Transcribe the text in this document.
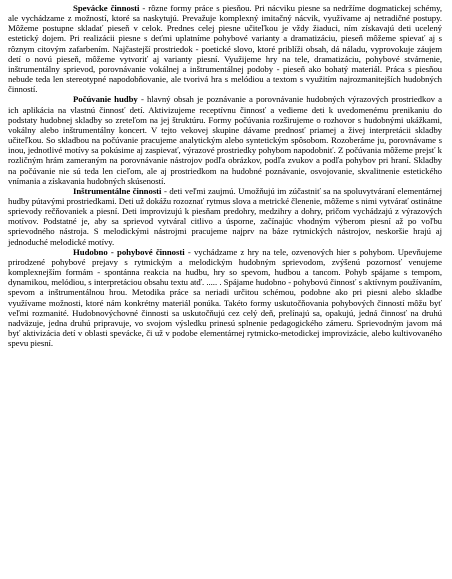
Spevácke činnosti - rôzne formy práce s piesňou. Pri nácviku piesne sa nedržíme dogmatickej schémy, ale vychádzame z možností, ktoré sa naskytujú. Prevažuje komplexný imitačný nácvik, využívame aj netradičné postupy. Môžeme postupne skladať pieseň v celok. Prednes celej piesne učiteľkou je vždy žiaduci, ním získavajú deti ucelený estetický dojem. Pri realizácii piesne s deťmi uplatníme pohybové varianty a dramatizáciu, pieseň môžeme spievať aj s rôznym citovým zafarbením. Najčastejší prostriedok - poetické slovo, ktoré priblíži obsah, dá náladu, vyprovokuje záujem detí o novú pieseň, môžeme vytvoriť aj varianty piesní. Využijeme hry na tele, dramatizáciu, pohybové stvárnenie, inštrumentálny sprievod, porovnávanie vokálnej a inštrumentálnej podoby - pieseň ako bohatý materiál. Práca s piesňou nebude teda len stereotypné napodobňovanie, ale tvorivá hra s melódiou a textom s využitím najrozmanitejších hudobných činností.

Počúvanie hudby - hlavný obsah je poznávanie a porovnávanie hudobných výrazových prostriedkov a ich aplikácia na vlastnú činnosť detí. Aktivizujeme receptívnu činnosť a vedieme deti k uvedomenému prenikaniu do podstaty hudobnej skladby so zreteľom na jej štruktúru. Formy počúvania rozširujeme o rozhovor s hudobnými ukážkami, vokálny alebo inštrumentálny koncert. V tejto vekovej skupine dávame prednosť priamej a živej interpretácii skladby učiteľkou. So skladbou na počúvanie pracujeme analytickým alebo syntetickým spôsobom. Rozoberáme ju, porovnávame s inou, jednotlivé motívy sa pokúsime aj zaspievať, výrazové prostriedky pohybom napodobniť. Z počúvania môžeme prejsť k rozličným hrám zameraným na porovnávanie nástrojov podľa obrázkov, podľa zvukov a podľa pohybov pri hraní. Skladby na počúvanie nie sú teda len cieľom, ale aj prostriedkom na hudobné poznávanie, osvojovanie, skvalitnenie estetického vnímania a získavania hudobných skúseností.

Inštrumentálne činnosti - deti veľmi zaujmú. Umožňujú im zúčastniť sa na spoluvytváraní elementárnej hudby pútavými prostriedkami. Deti už dokážu rozoznať rytmus slova a metrické členenie, môžeme s nimi vytvárať ostinátne sprievody rečňovaniek a piesní. Deti improvizujú k piesňam predohry, medzihry a dohry, pričom vychádzajú z výrazových motívov. Podstatné je, aby sa sprievod vytváral citlivo a úsporne, začínajúc vhodným výberom piesní až po voľbu sprievodného nástroja. S melodickými nástrojmi pracujeme najprv na báze rytmických nástrojov, neskoršie hrajú aj jednoduché melodické motívy.

Hudobno - pohybové činnosti - vychádzame z hry na tele, ozvenových hier s pohybom. Upevňujeme prirodzené pohybové prejavy s rytmickým a melodickým hudobným sprievodom, zvýšenú pozornosť venujeme komplexnejším formám - spontánna reakcia na hudbu, hry so spevom, hudbou a tancom. Pohyb spájame s tempom, dynamikou, melódiou, s interpretáciou obsahu textu atď. ..... . Spájame hudobno - pohybovú činnosť s aktívnym používaním, spevom a inštrumentálnou hrou. Metodika práce sa neriadi určitou schémou, podobne ako pri piesni alebo skladbe využívame možnosti, ktoré nám konkrétny materiál ponúka. Takéto formy uskutočňovania pohybových činností môžu byť veľmi rozmanité. Hudobnovýchovné činnosti sa uskutočňujú cez celý deň, prelínajú sa, opakujú, jedná činnosť na druhú nadväzuje, jedna druhú pripravuje, vo svojom výsledku prinesú splnenie pedagogického zámeru. Sprievodným javom má byť aktivizácia detí v oblasti spevácke, či už v podobe elementárnej rytmicko-metodickej improvizácie, alebo kultivovaného spevu piesní.
